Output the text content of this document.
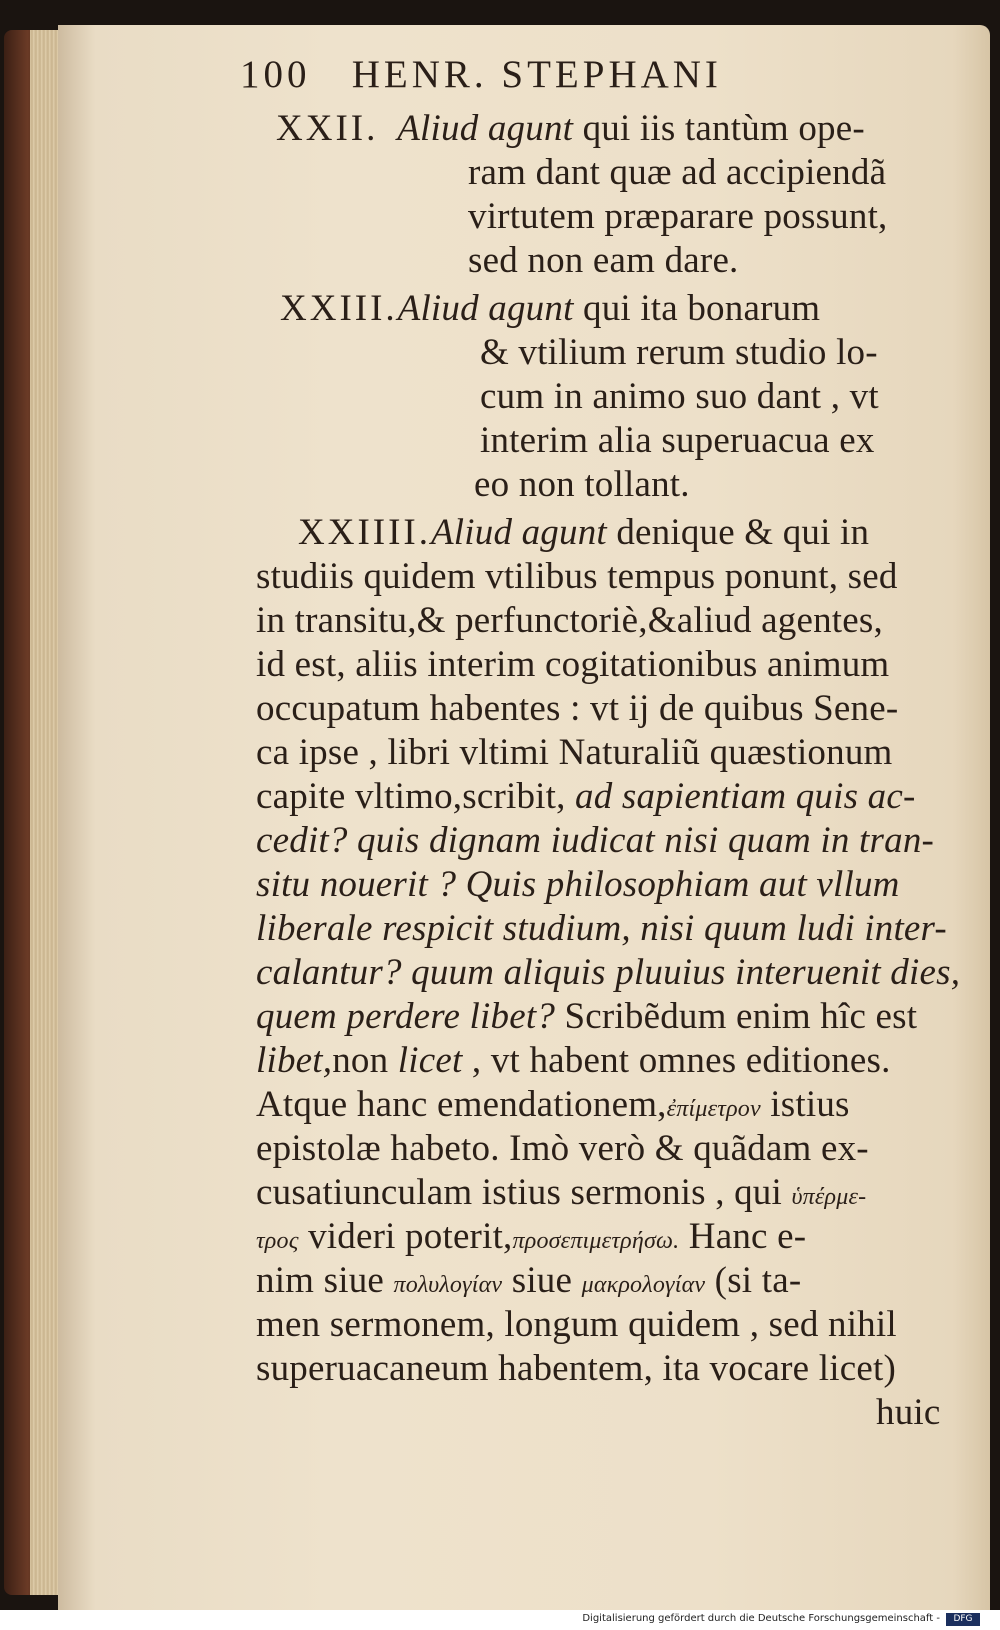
100 HENR. STEPHANI
XXII. Aliud agunt qui iis tantùm ope-
ram dant quæ ad accipiendã
virtutem præparare possunt,
sed non eam dare.
XXIII.Aliud agunt qui ita bonarum
& vtilium rerum studio lo-
cum in animo suo dant , vt
interim alia superuacua ex
eo non tollant.
XXIIII.Aliud agunt denique & qui in
studiis quidem vtilibus tempus ponunt, sed
in transitu,& perfunctoriè,&aliud agentes,
id est, aliis interim cogitationibus animum
occupatum habentes : vt ij de quibus Sene-
ca ipse , libri vltimi Naturaliũ quæstionum
capite vltimo,scribit, ad sapientiam quis ac-
cedit? quis dignam iudicat nisi quam in tran-
situ nouerit ? Quis philosophiam aut vllum
liberale respicit studium, nisi quum ludi inter-
calantur? quum aliquis pluuius interuenit dies,
quem perdere libet? Scribẽdum enim hîc est
libet,non licet , vt habent omnes editiones.
Atque hanc emendationem,ἐπίμετρον istius
epistolæ habeto. Imò verò & quãdam ex-
cusatiunculam istius sermonis , qui ὑπέρμε-
τρος videri poterit,προσεπιμετρήσω. Hanc e-
nim siue πολυλογίαν siue μακρολογίαν (si ta-
men sermonem, longum quidem , sed nihil
superuacaneum habentem, ita vocare licet)
huic
Digitalisierung gefördert durch die Deutsche Forschungsgemeinschaft -	DFG
